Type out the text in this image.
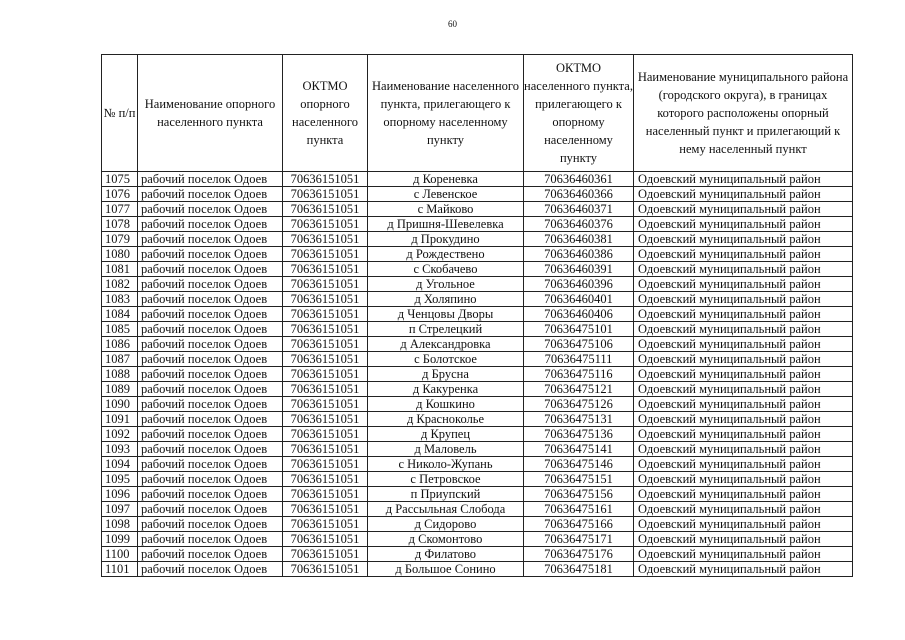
60
№ п/п	Наименование опорного населенного пункта	ОКТМО опорного населенного пункта	Наименование населенного пункта, прилегающего к опорному населенному пункту	ОКТМО населенного пункта, прилегающего к опорному населенному пункту	Наименование муниципального района (городского округа), в границах которого расположены опорный населенный пункт и прилегающий к нему населенный пункт
1075	рабочий поселок Одоев	70636151051	д Кореневка	70636460361	Одоевский муниципальный район
1076	рабочий поселок Одоев	70636151051	с Левенское	70636460366	Одоевский муниципальный район
1077	рабочий поселок Одоев	70636151051	с Майково	70636460371	Одоевский муниципальный район
1078	рабочий поселок Одоев	70636151051	д Пришня-Шевелевка	70636460376	Одоевский муниципальный район
1079	рабочий поселок Одоев	70636151051	д Прокудино	70636460381	Одоевский муниципальный район
1080	рабочий поселок Одоев	70636151051	д Рождествено	70636460386	Одоевский муниципальный район
1081	рабочий поселок Одоев	70636151051	с Скобачево	70636460391	Одоевский муниципальный район
1082	рабочий поселок Одоев	70636151051	д Угольное	70636460396	Одоевский муниципальный район
1083	рабочий поселок Одоев	70636151051	д Холяпино	70636460401	Одоевский муниципальный район
1084	рабочий поселок Одоев	70636151051	д Ченцовы Дворы	70636460406	Одоевский муниципальный район
1085	рабочий поселок Одоев	70636151051	п Стрелецкий	70636475101	Одоевский муниципальный район
1086	рабочий поселок Одоев	70636151051	д Александровка	70636475106	Одоевский муниципальный район
1087	рабочий поселок Одоев	70636151051	с Болотское	70636475111	Одоевский муниципальный район
1088	рабочий поселок Одоев	70636151051	д Брусна	70636475116	Одоевский муниципальный район
1089	рабочий поселок Одоев	70636151051	д Какуренка	70636475121	Одоевский муниципальный район
1090	рабочий поселок Одоев	70636151051	д Кошкино	70636475126	Одоевский муниципальный район
1091	рабочий поселок Одоев	70636151051	д Краснокольe	70636475131	Одоевский муниципальный район
1092	рабочий поселок Одоев	70636151051	д Крупец	70636475136	Одоевский муниципальный район
1093	рабочий поселок Одоев	70636151051	д Маловель	70636475141	Одоевский муниципальный район
1094	рабочий поселок Одоев	70636151051	с Николо-Жупань	70636475146	Одоевский муниципальный район
1095	рабочий поселок Одоев	70636151051	с Петровское	70636475151	Одоевский муниципальный район
1096	рабочий поселок Одоев	70636151051	п Приупский	70636475156	Одоевский муниципальный район
1097	рабочий поселок Одоев	70636151051	д Рассыльная Слобода	70636475161	Одоевский муниципальный район
1098	рабочий поселок Одоев	70636151051	д Сидорово	70636475166	Одоевский муниципальный район
1099	рабочий поселок Одоев	70636151051	д Скомонтово	70636475171	Одоевский муниципальный район
1100	рабочий поселок Одоев	70636151051	д Филатово	70636475176	Одоевский муниципальный район
1101	рабочий поселок Одоев	70636151051	д Большое Сонино	70636475181	Одоевский муниципальный район
